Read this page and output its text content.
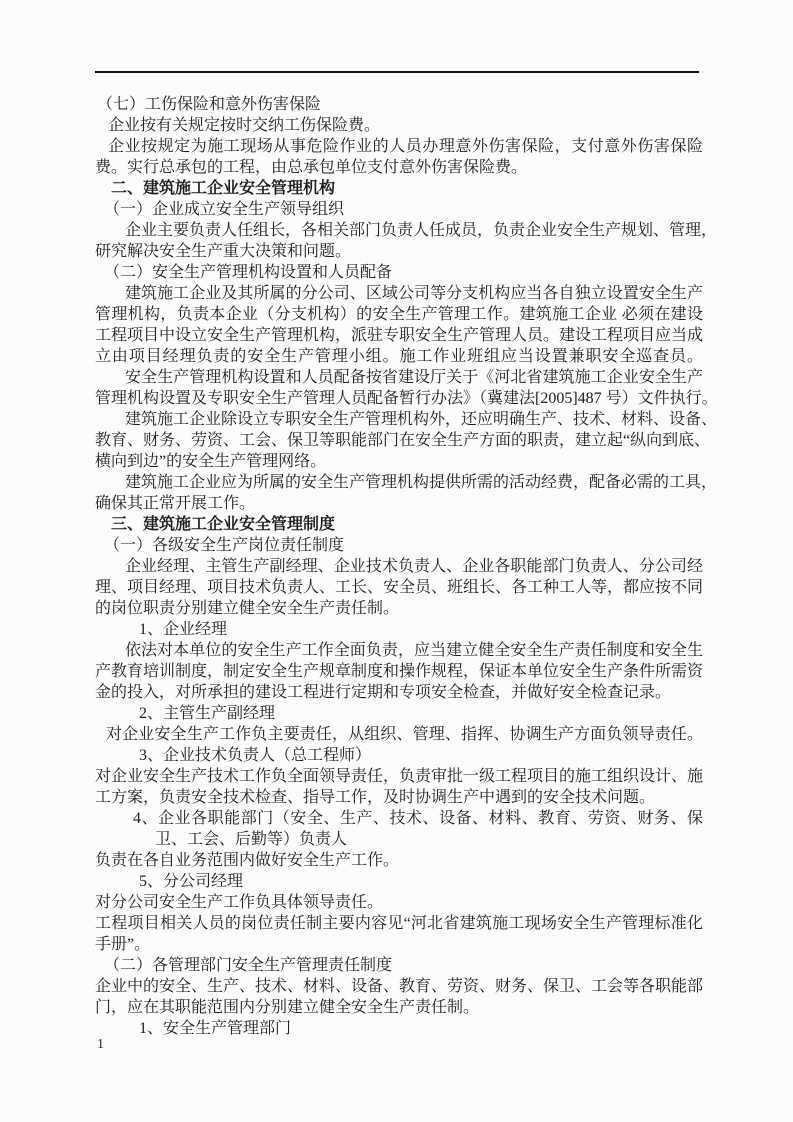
（七）工伤保险和意外伤害保险
企业按有关规定按时交纳工伤保险费。
企业按规定为施工现场从事危险作业的人员办理意外伤害保险，支付意外伤害保险
费。实行总承包的工程，由总承包单位支付意外伤害保险费。
二、建筑施工企业安全管理机构
（一）企业成立安全生产领导组织
企业主要负责人任组长，各相关部门负责人任成员，负责企业安全生产规划、管理，
研究解决安全生产重大决策和问题。
（二）安全生产管理机构设置和人员配备
建筑施工企业及其所属的分公司、区域公司等分支机构应当各自独立设置安全生产
管理机构，负责本企业（分支机构）的安全生产管理工作。建筑施工企业 必须在建设
工程项目中设立安全生产管理机构，派驻专职安全生产管理人员。建设工程项目应当成
立由项目经理负责的安全生产管理小组。施工作业班组应当设置兼职安全巡查员。
安全生产管理机构设置和人员配备按省建设厅关于《河北省建筑施工企业安全生产
管理机构设置及专职安全生产管理人员配备暂行办法》（冀建法[2005]487 号）文件执行。
建筑施工企业除设立专职安全生产管理机构外，还应明确生产、技术、材料、设备、
教育、财务、劳资、工会、保卫等职能部门在安全生产方面的职责，建立起“纵向到底、
横向到边”的安全生产管理网络。
建筑施工企业应为所属的安全生产管理机构提供所需的活动经费，配备必需的工具，
确保其正常开展工作。
三、建筑施工企业安全管理制度
（一）各级安全生产岗位责任制度
企业经理、主管生产副经理、企业技术负责人、企业各职能部门负责人、分公司经
理、项目经理、项目技术负责人、工长、安全员、班组长、各工种工人等，都应按不同
的岗位职责分别建立健全安全生产责任制。
1、企业经理
依法对本单位的安全生产工作全面负责，应当建立健全安全生产责任制度和安全生
产教育培训制度，制定安全生产规章制度和操作规程，保证本单位安全生产条件所需资
金的投入，对所承担的建设工程进行定期和专项安全检查，并做好安全检查记录。
2、主管生产副经理
对企业安全生产工作负主要责任，从组织、管理、指挥、协调生产方面负领导责任。
3、企业技术负责人（总工程师）
对企业安全生产技术工作负全面领导责任，负责审批一级工程项目的施工组织设计、施
工方案，负责安全技术检查、指导工作，及时协调生产中遇到的安全技术问题。
4、企业各职能部门（安全、生产、技术、设备、材料、教育、劳资、财务、保
卫、工会、后勤等）负责人
负责在各自业务范围内做好安全生产工作。
5、分公司经理
对分公司安全生产工作负具体领导责任。
工程项目相关人员的岗位责任制主要内容见“河北省建筑施工现场安全生产管理标准化
手册”。
（二）各管理部门安全生产管理责任制度
企业中的安全、生产、技术、材料、设备、教育、劳资、财务、保卫、工会等各职能部
门，应在其职能范围内分别建立健全安全生产责任制。
1、安全生产管理部门
1
